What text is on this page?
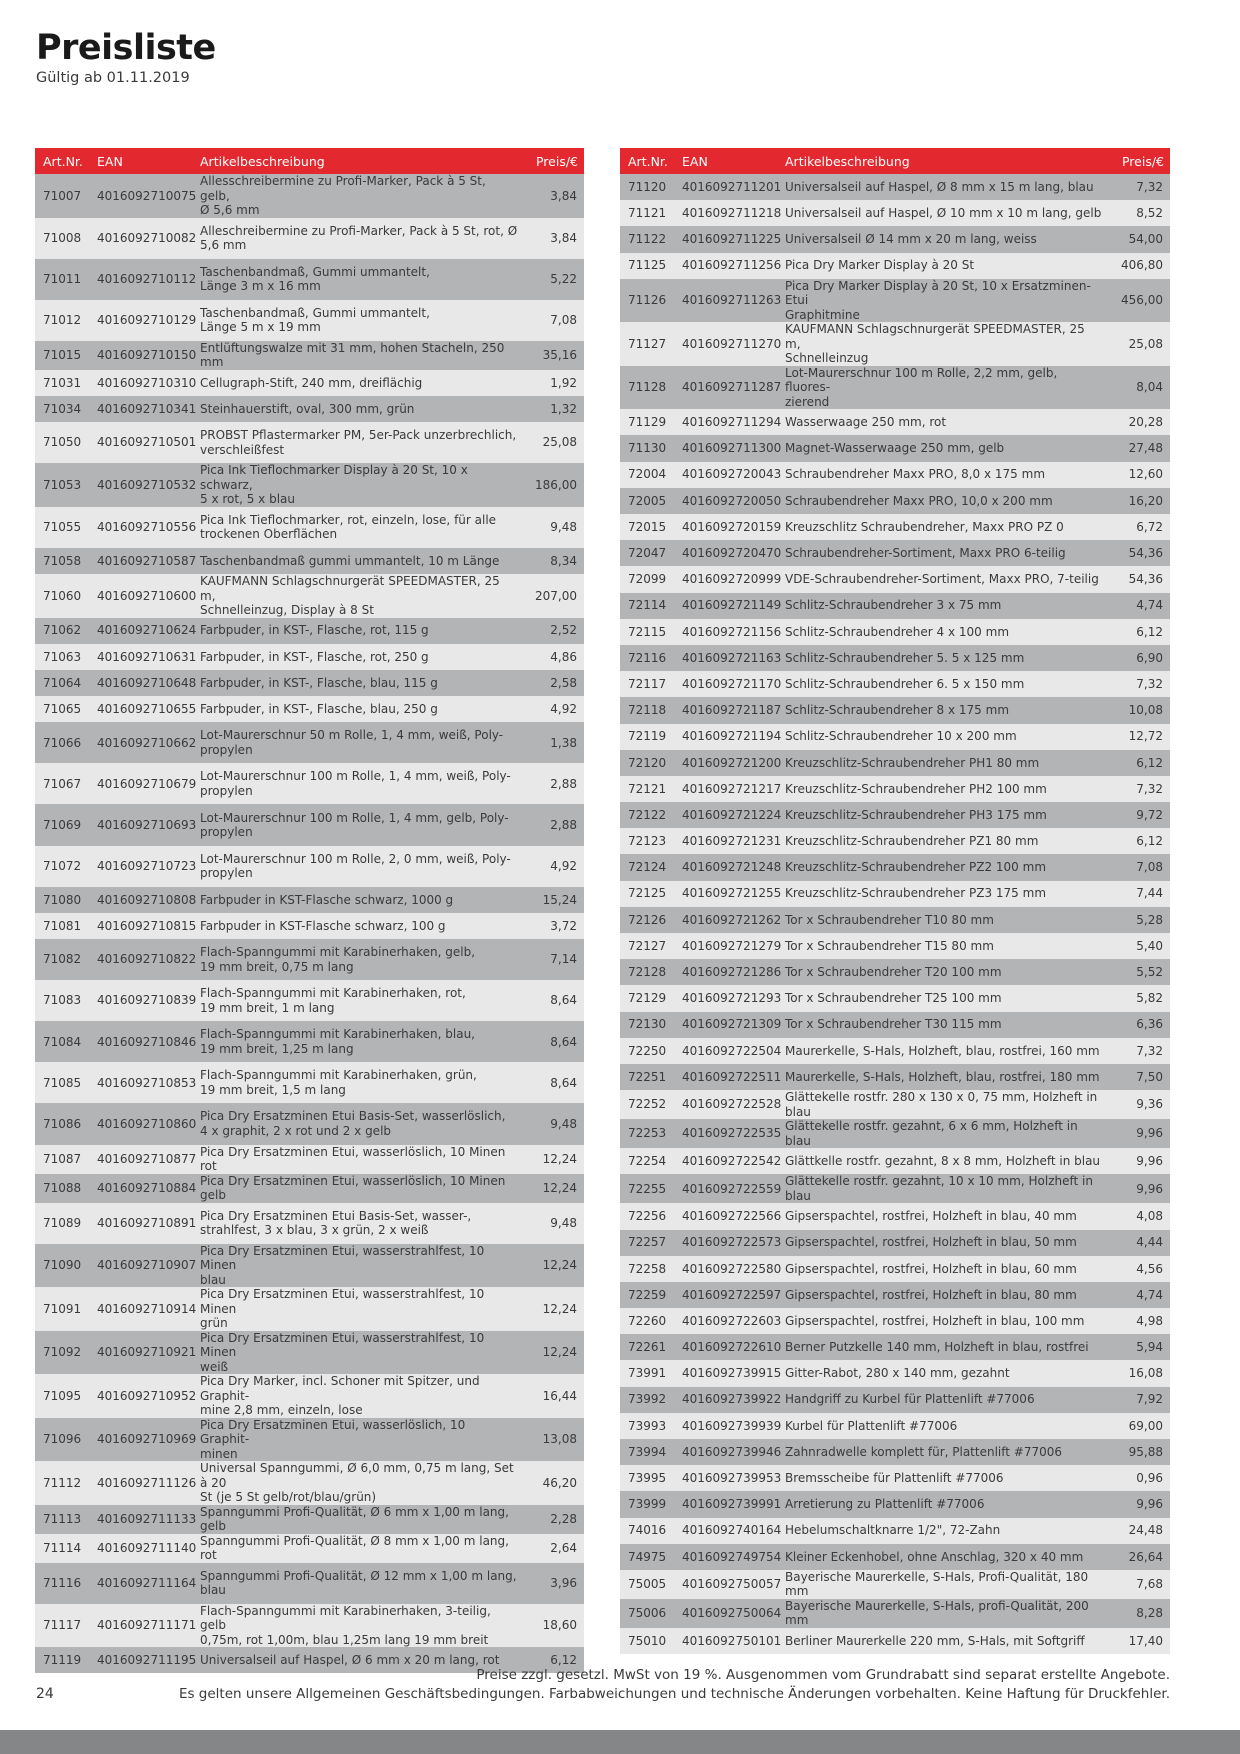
Preisliste
Gültig ab 01.11.2019
Art.Nr.	EAN	Artikelbeschreibung	Preis/€
71007	4016092710075	Allesschreibermine zu Profi-Marker, Pack à 5 St, gelb,
Ø 5,6 mm	3,84
71008	4016092710082	Alleschreibermine zu Profi-Marker, Pack à 5 St, rot, Ø
5,6 mm	3,84
71011	4016092710112	Taschenbandmaß, Gummi ummantelt,
Länge 3 m x 16 mm	5,22
71012	4016092710129	Taschenbandmaß, Gummi ummantelt,
Länge 5 m x 19 mm	7,08
71015	4016092710150	Entlüftungswalze mit 31 mm, hohen Stacheln, 250 mm	35,16
71031	4016092710310	Cellugraph-Stift, 240 mm, dreiflächig	1,92
71034	4016092710341	Steinhauerstift, oval, 300 mm, grün	1,32
71050	4016092710501	PROBST Pflastermarker PM, 5er-Pack unzerbrechlich,
verschleißfest	25,08
71053	4016092710532	Pica Ink Tieflochmarker Display à 20 St, 10 x schwarz,
5 x rot, 5 x blau	186,00
71055	4016092710556	Pica Ink Tieflochmarker, rot, einzeln, lose, für alle
trockenen Oberflächen	9,48
71058	4016092710587	Taschenbandmaß gummi ummantelt, 10 m Länge	8,34
71060	4016092710600	KAUFMANN Schlagschnurgerät SPEEDMASTER, 25 m,
Schnelleinzug, Display à 8 St	207,00
71062	4016092710624	Farbpuder, in KST-, Flasche, rot, 115 g	2,52
71063	4016092710631	Farbpuder, in KST-, Flasche, rot, 250 g	4,86
71064	4016092710648	Farbpuder, in KST-, Flasche, blau, 115 g	2,58
71065	4016092710655	Farbpuder, in KST-, Flasche, blau, 250 g	4,92
71066	4016092710662	Lot-Maurerschnur 50 m Rolle, 1, 4 mm, weiß, Poly-
propylen	1,38
71067	4016092710679	Lot-Maurerschnur 100 m Rolle, 1, 4 mm, weiß, Poly-
propylen	2,88
71069	4016092710693	Lot-Maurerschnur 100 m Rolle, 1, 4 mm, gelb, Poly-
propylen	2,88
71072	4016092710723	Lot-Maurerschnur 100 m Rolle, 2, 0 mm, weiß, Poly-
propylen	4,92
71080	4016092710808	Farbpuder in KST-Flasche schwarz, 1000 g	15,24
71081	4016092710815	Farbpuder in KST-Flasche schwarz, 100 g	3,72
71082	4016092710822	Flach-Spanngummi mit Karabinerhaken, gelb,
19 mm breit, 0,75 m lang	7,14
71083	4016092710839	Flach-Spanngummi mit Karabinerhaken, rot,
19 mm breit, 1 m lang	8,64
71084	4016092710846	Flach-Spanngummi mit Karabinerhaken, blau,
19 mm breit, 1,25 m lang	8,64
71085	4016092710853	Flach-Spanngummi mit Karabinerhaken, grün,
19 mm breit, 1,5 m lang	8,64
71086	4016092710860	Pica Dry Ersatzminen Etui Basis-Set, wasserlöslich,
4 x graphit, 2 x rot und 2 x gelb	9,48
71087	4016092710877	Pica Dry Ersatzminen Etui, wasserlöslich, 10 Minen rot	12,24
71088	4016092710884	Pica Dry Ersatzminen Etui, wasserlöslich, 10 Minen gelb	12,24
71089	4016092710891	Pica Dry Ersatzminen Etui Basis-Set, wasser-,
strahlfest, 3 x blau, 3 x grün, 2 x weiß	9,48
71090	4016092710907	Pica Dry Ersatzminen Etui, wasserstrahlfest, 10 Minen
blau	12,24
71091	4016092710914	Pica Dry Ersatzminen Etui, wasserstrahlfest, 10 Minen
grün	12,24
71092	4016092710921	Pica Dry Ersatzminen Etui, wasserstrahlfest, 10 Minen
weiß	12,24
71095	4016092710952	Pica Dry Marker, incl. Schoner mit Spitzer, und Graphit-
mine 2,8 mm, einzeln, lose	16,44
71096	4016092710969	Pica Dry Ersatzminen Etui, wasserlöslich, 10 Graphit-
minen	13,08
71112	4016092711126	Universal Spanngummi, Ø 6,0 mm, 0,75 m lang, Set à 20
St (je 5 St gelb/rot/blau/grün)	46,20
71113	4016092711133	Spanngummi Profi-Qualität, Ø 6 mm x 1,00 m lang, gelb	2,28
71114	4016092711140	Spanngummi Profi-Qualität, Ø 8 mm x 1,00 m lang, rot	2,64
71116	4016092711164	Spanngummi Profi-Qualität, Ø 12 mm x 1,00 m lang,
blau	3,96
71117	4016092711171	Flach-Spanngummi mit Karabinerhaken, 3-teilig, gelb
0,75m, rot 1,00m, blau 1,25m lang 19 mm breit	18,60
71119	4016092711195	Universalseil auf Haspel, Ø 6 mm x 20 m lang, rot	6,12
Art.Nr.	EAN	Artikelbeschreibung	Preis/€
71120	4016092711201	Universalseil auf Haspel, Ø 8 mm x 15 m lang, blau	7,32
71121	4016092711218	Universalseil auf Haspel, Ø 10 mm x 10 m lang, gelb	8,52
71122	4016092711225	Universalseil Ø 14 mm x 20 m lang, weiss	54,00
71125	4016092711256	Pica Dry Marker Display à 20 St	406,80
71126	4016092711263	Pica Dry Marker Display à 20 St, 10 x Ersatzminen-Etui
Graphitmine	456,00
71127	4016092711270	KAUFMANN Schlagschnurgerät SPEEDMASTER, 25 m,
Schnelleinzug	25,08
71128	4016092711287	Lot-Maurerschnur 100 m Rolle, 2,2 mm, gelb, fluores-
zierend	8,04
71129	4016092711294	Wasserwaage 250 mm, rot	20,28
71130	4016092711300	Magnet-Wasserwaage 250 mm, gelb	27,48
72004	4016092720043	Schraubendreher Maxx PRO, 8,0 x 175 mm	12,60
72005	4016092720050	Schraubendreher Maxx PRO, 10,0 x 200 mm	16,20
72015	4016092720159	Kreuzschlitz Schraubendreher, Maxx PRO PZ 0	6,72
72047	4016092720470	Schraubendreher-Sortiment, Maxx PRO 6-teilig	54,36
72099	4016092720999	VDE-Schraubendreher-Sortiment, Maxx PRO, 7-teilig	54,36
72114	4016092721149	Schlitz-Schraubendreher 3 x 75 mm	4,74
72115	4016092721156	Schlitz-Schraubendreher 4 x 100 mm	6,12
72116	4016092721163	Schlitz-Schraubendreher 5. 5 x 125 mm	6,90
72117	4016092721170	Schlitz-Schraubendreher 6. 5 x 150 mm	7,32
72118	4016092721187	Schlitz-Schraubendreher 8 x 175 mm	10,08
72119	4016092721194	Schlitz-Schraubendreher 10 x 200 mm	12,72
72120	4016092721200	Kreuzschlitz-Schraubendreher PH1 80 mm	6,12
72121	4016092721217	Kreuzschlitz-Schraubendreher PH2 100 mm	7,32
72122	4016092721224	Kreuzschlitz-Schraubendreher PH3 175 mm	9,72
72123	4016092721231	Kreuzschlitz-Schraubendreher PZ1 80 mm	6,12
72124	4016092721248	Kreuzschlitz-Schraubendreher PZ2 100 mm	7,08
72125	4016092721255	Kreuzschlitz-Schraubendreher PZ3 175 mm	7,44
72126	4016092721262	Tor x Schraubendreher T10 80 mm	5,28
72127	4016092721279	Tor x Schraubendreher T15 80 mm	5,40
72128	4016092721286	Tor x Schraubendreher T20 100 mm	5,52
72129	4016092721293	Tor x Schraubendreher T25 100 mm	5,82
72130	4016092721309	Tor x Schraubendreher T30 115 mm	6,36
72250	4016092722504	Maurerkelle, S-Hals, Holzheft, blau, rostfrei, 160 mm	7,32
72251	4016092722511	Maurerkelle, S-Hals, Holzheft, blau, rostfrei, 180 mm	7,50
72252	4016092722528	Glättekelle rostfr. 280 x 130 x 0, 75 mm, Holzheft in blau	9,36
72253	4016092722535	Glättekelle rostfr. gezahnt, 6 x 6 mm, Holzheft in blau	9,96
72254	4016092722542	Glättkelle rostfr. gezahnt, 8 x 8 mm, Holzheft in blau	9,96
72255	4016092722559	Glättekelle rostfr. gezahnt, 10 x 10 mm, Holzheft in blau	9,96
72256	4016092722566	Gipserspachtel, rostfrei, Holzheft in blau, 40 mm	4,08
72257	4016092722573	Gipserspachtel, rostfrei, Holzheft in blau, 50 mm	4,44
72258	4016092722580	Gipserspachtel, rostfrei, Holzheft in blau, 60 mm	4,56
72259	4016092722597	Gipserspachtel, rostfrei, Holzheft in blau, 80 mm	4,74
72260	4016092722603	Gipserspachtel, rostfrei, Holzheft in blau, 100 mm	4,98
72261	4016092722610	Berner Putzkelle 140 mm, Holzheft in blau, rostfrei	5,94
73991	4016092739915	Gitter-Rabot, 280 x 140 mm, gezahnt	16,08
73992	4016092739922	Handgriff zu Kurbel für Plattenlift #77006	7,92
73993	4016092739939	Kurbel für Plattenlift #77006	69,00
73994	4016092739946	Zahnradwelle komplett für, Plattenlift #77006	95,88
73995	4016092739953	Bremsscheibe für Plattenlift #77006	0,96
73999	4016092739991	Arretierung zu Plattenlift #77006	9,96
74016	4016092740164	Hebelumschaltknarre 1/2", 72-Zahn	24,48
74975	4016092749754	Kleiner Eckenhobel, ohne Anschlag, 320 x 40 mm	26,64
75005	4016092750057	Bayerische Maurerkelle, S-Hals, Profi-Qualität, 180 mm	7,68
75006	4016092750064	Bayerische Maurerkelle, S-Hals, profi-Qualität, 200 mm	8,28
75010	4016092750101	Berliner Maurerkelle 220 mm, S-Hals, mit Softgriff	17,40
Preise zzgl. gesetzl. MwSt von 19 %. Ausgenommen vom Grundrabatt sind separat erstellte Angebote.
Es gelten unsere Allgemeinen Geschäftsbedingungen. Farbabweichungen und technische Änderungen vorbehalten. Keine Haftung für Druckfehler.
24
